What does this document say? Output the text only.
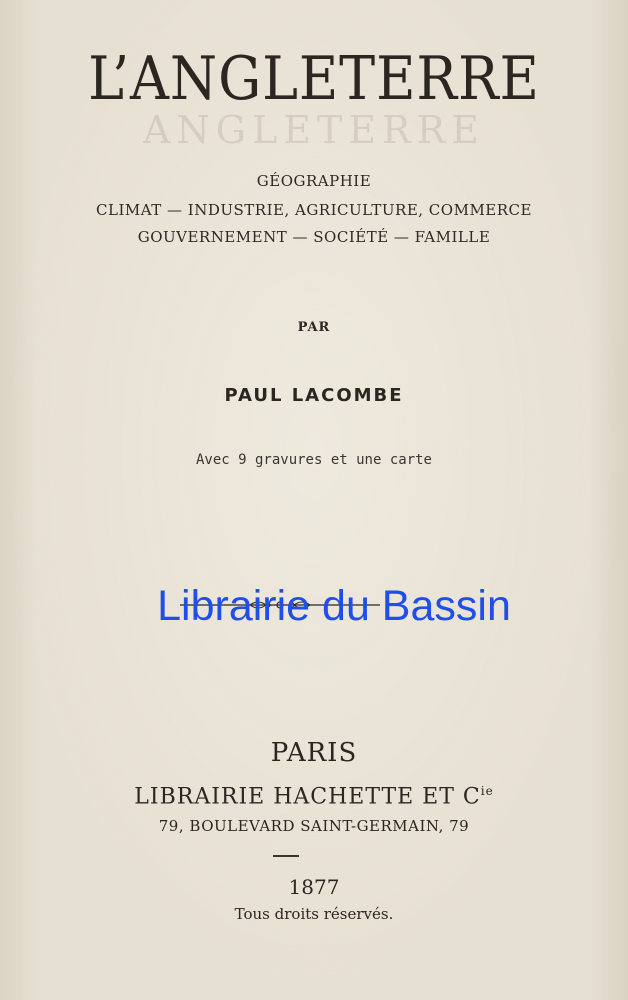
L’ANGLETERRE
ANGLETERRE
GÉOGRAPHIE
CLIMAT — INDUSTRIE, AGRICULTURE, COMMERCE
GOUVERNEMENT — SOCIÉTÉ — FAMILLE
PAR
PAUL LACOMBE
Avec 9 gravures et une carte
Librairie du Bassin
PARIS
LIBRAIRIE HACHETTE ET $C^{ie}$
79, BOULEVARD SAINT-GERMAIN, 79
1877
Tous droits réservés.
